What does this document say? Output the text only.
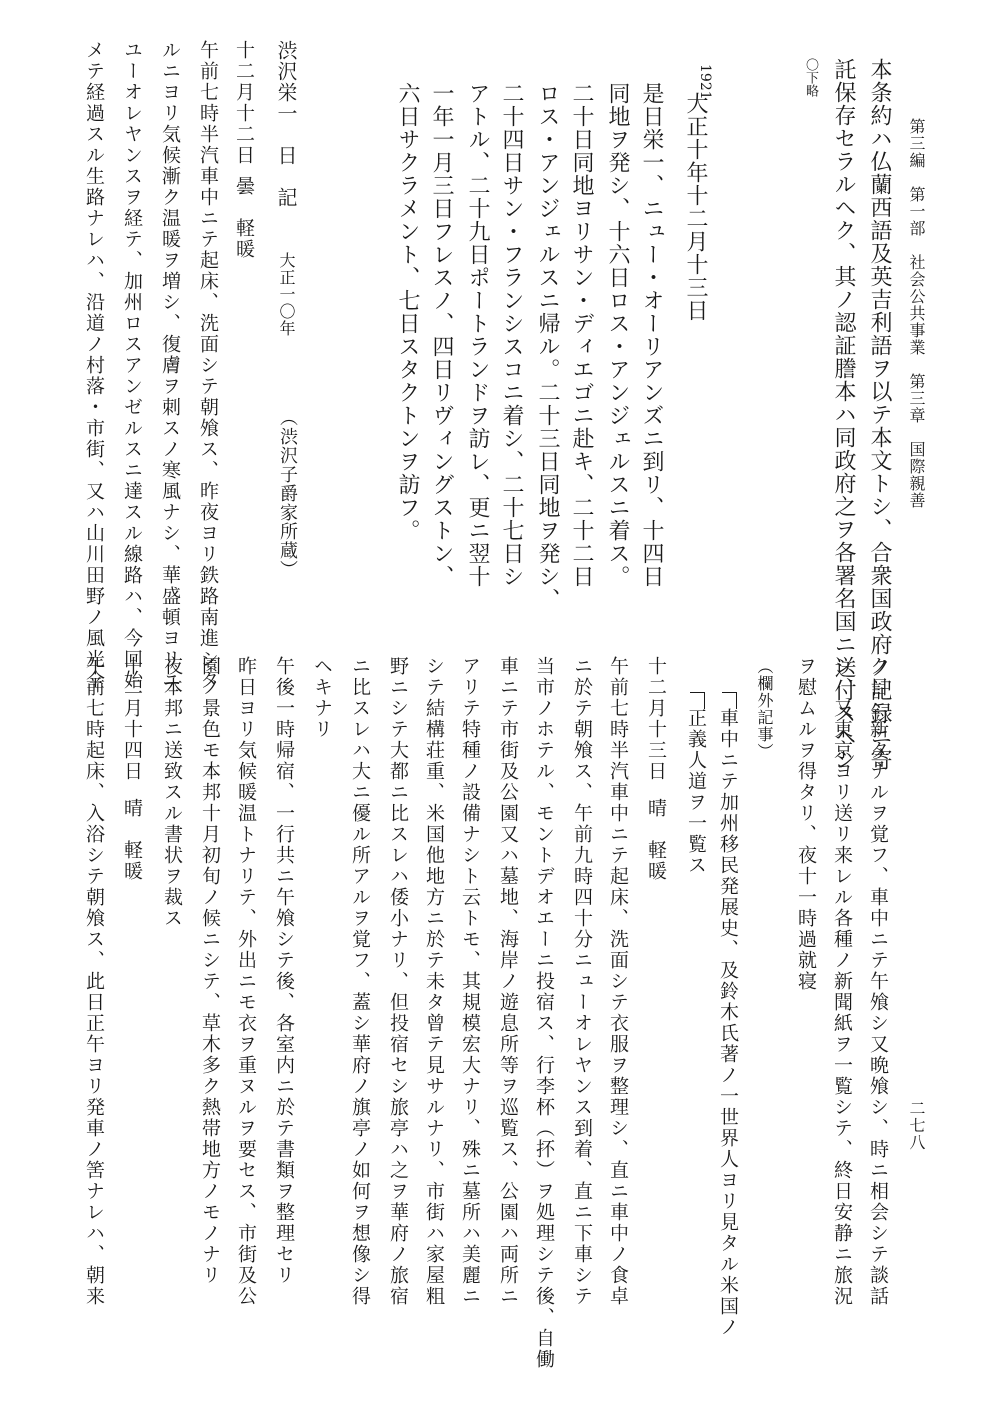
第三編　第一部　社会公共事業　第三章　国際親善
二七八
本条約ハ仏蘭西語及英吉利語ヲ以テ本文トシ、合衆国政府ノ記録ニ寄
託保存セラルヘク、其ノ認証謄本ハ同政府之ヲ各署名国ニ送付スヘシ
〇下略
1921
大正十年十二月十三日
是日栄一、ニュー・オーリアンズニ到リ、十四日
同地ヲ発シ、十六日ロス・アンジェルスニ着ス。
二十日同地ヨリサン・ディエゴニ赴キ、二十二日
ロス・アンジェルスニ帰ル。二十三日同地ヲ発シ、
二十四日サン・フランシスコニ着シ、二十七日シ
アトル、二十九日ポートランドヲ訪レ、更ニ翌十
一年一月三日フレスノ、四日リヴィングストン、
六日サクラメント、七日スタクトンヲ訪フ。
渋沢栄一　日　記
大正一〇年
（渋沢子爵家所蔵）
十二月十二日
曇　軽暖
午前七時半汽車中ニテ起床、洗面シテ朝飧ス、昨夜ヨリ鉄路南進シタ
ルニヨリ気候漸ク温暖ヲ増シ、復膚ヲ刺スノ寒風ナシ、華盛頓ヨリニ
ユーオレヤンスヲ経テ、加州ロスアンゼルスニ達スル線路ハ、今回始
メテ経過スル生路ナレハ、沿道ノ村落・市街、又ハ山川田野ノ風光全
ク目ニ新タナルヲ覚フ、車中ニテ午飧シ又晩飧シ、時ニ相会シテ談話
シ、又東京ヨリ送リ来レル各種ノ新聞紙ヲ一覧シテ、終日安静ニ旅況
ヲ慰ムルヲ得タリ、夜十一時過就寝
（欄外記事）
車中ニテ加州移民発展史、及鈴木氏著ノ一世界人ヨリ見タル米国ノ
正義人道ヲ一覧ス
十二月十三日
晴　軽暖
午前七時半汽車中ニテ起床、洗面シテ衣服ヲ整理シ、直ニ車中ノ食卓
ニ於テ朝飧ス、午前九時四十分ニューオレヤンス到着、直ニ下車シテ
当市ノホテル、モントデオエーニ投宿ス、行李杯（抔）ヲ処理シテ後、自働
車ニテ市街及公園又ハ墓地、海岸ノ遊息所等ヲ巡覧ス、公園ハ両所ニ
アリテ特種ノ設備ナシト云トモ、其規模宏大ナリ、殊ニ墓所ハ美麗ニ
シテ結構荘重、米国他地方ニ於テ未タ曾テ見サルナリ、市街ハ家屋粗
野ニシテ大都ニ比スレハ倭小ナリ、但投宿セシ旅亭ハ之ヲ華府ノ旅宿
ニ比スレハ大ニ優ル所アルヲ覚フ、蓋シ華府ノ旗亭ノ如何ヲ想像シ得
ヘキナリ
午後一時帰宿、一行共ニ午飧シテ後、各室内ニ於テ書類ヲ整理セリ
昨日ヨリ気候暖温トナリテ、外出ニモ衣ヲ重ヌルヲ要セス、市街及公
園ノ景色モ本邦十月初旬ノ候ニシテ、草木多ク熱帯地方ノモノナリ
夜本邦ニ送致スル書状ヲ裁ス
十二月十四日
晴　軽暖
午前七時起床、入浴シテ朝飧ス、此日正午ヨリ発車ノ筈ナレハ、朝来
